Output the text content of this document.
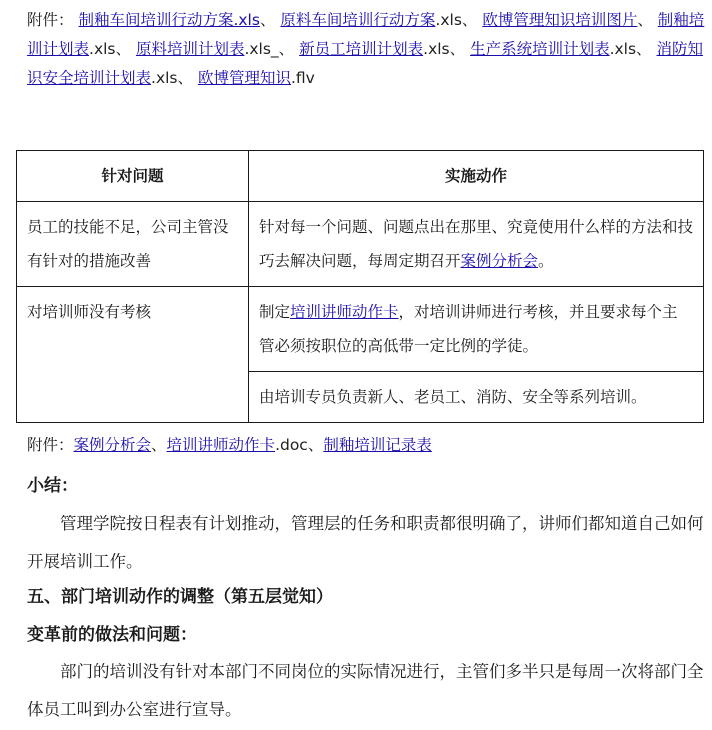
附件： 制釉车间培训行动方案.xls、 原料车间培训行动方案.xls、 欧博管理知识培训图片、 制釉培训计划表.xls、 原料培训计划表.xls_、 新员工培训计划表.xls、 生产系统培训计划表.xls、 消防知识安全培训计划表.xls、 欧博管理知识.flv
针对问题	实施动作
员工的技能不足，公司主管没有针对的措施改善	针对每一个问题、问题点出在那里、究竟使用什么样的方法和技巧去解决问题，每周定期召开案例分析会。
对培训师没有考核	制定培训讲师动作卡，对培训讲师进行考核，并且要求每个主管必须按职位的高低带一定比例的学徒。
	由培训专员负责新人、老员工、消防、安全等系列培训。
附件：案例分析会、培训讲师动作卡.doc、制釉培训记录表
小结：
管理学院按日程表有计划推动，管理层的任务和职责都很明确了，讲师们都知道自己如何开展培训工作。
五、部门培训动作的调整（第五层觉知）
变革前的做法和问题：
部门的培训没有针对本部门不同岗位的实际情况进行，主管们多半只是每周一次将部门全体员工叫到办公室进行宣导。
